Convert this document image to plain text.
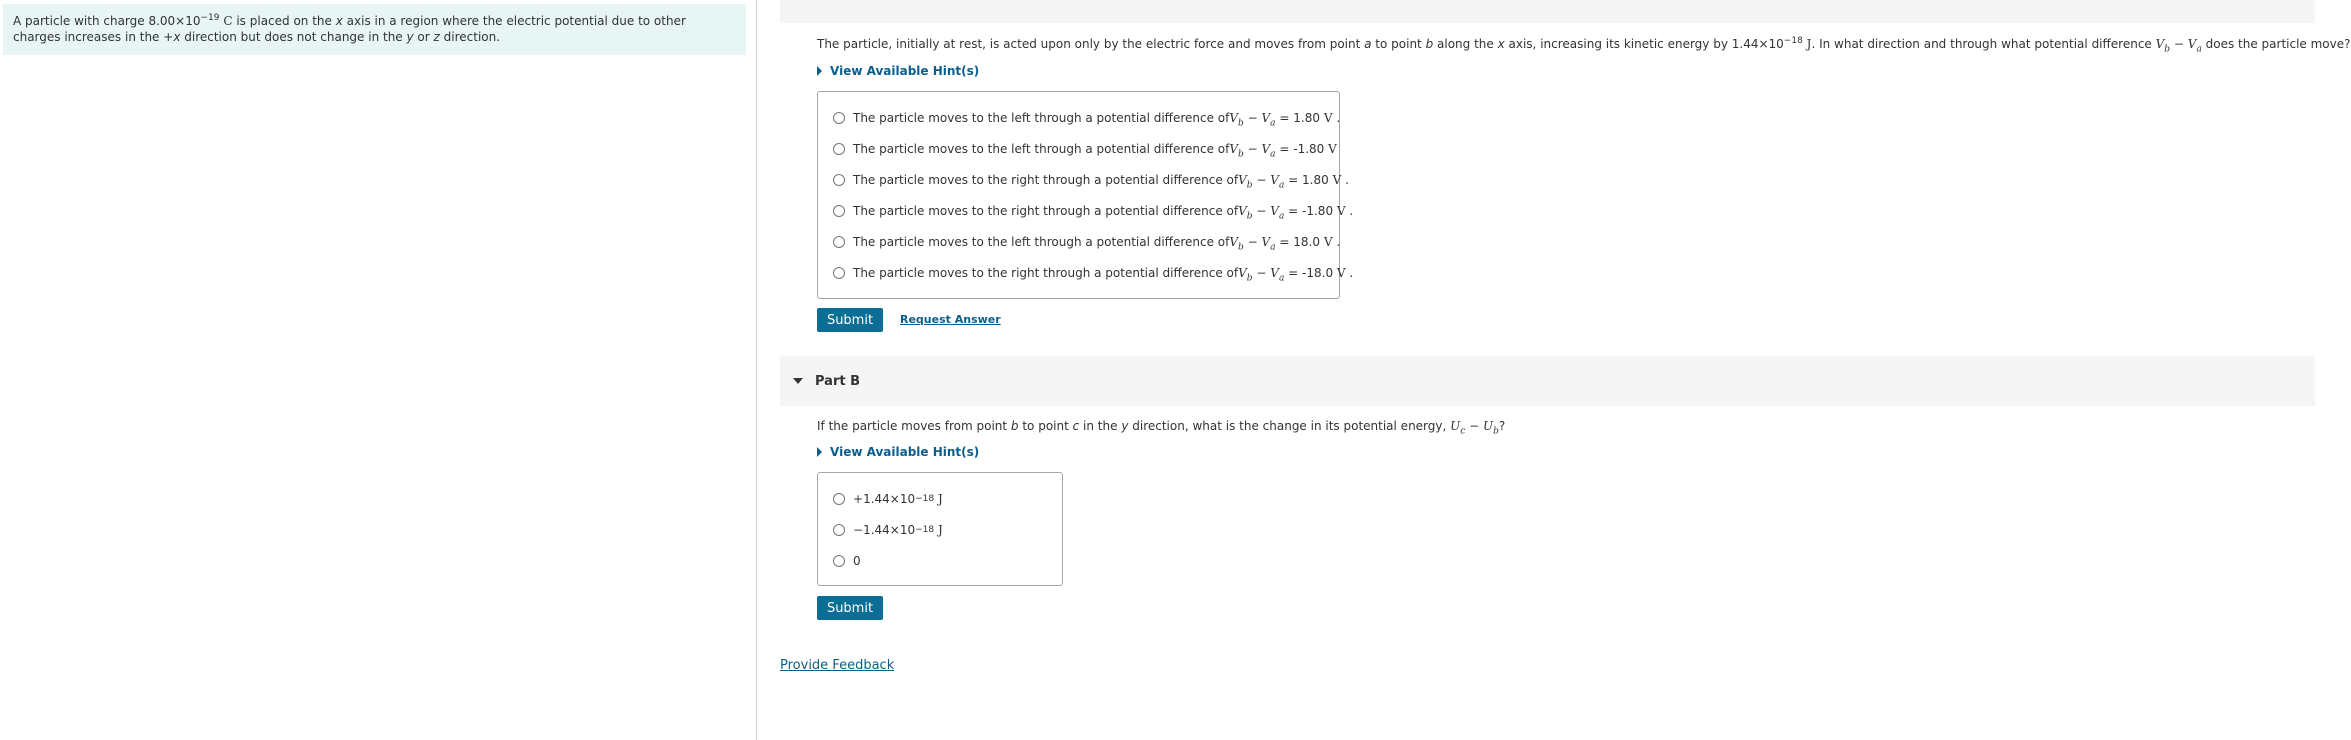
A particle with charge $8.00\times 10^{-19}$ C is placed on the x axis in a region where the electric potential due to other charges increases in the +x direction but does not change in the y or z direction.	The particle, initially at rest, is acted upon only by the electric force and moves from point a to point b along the x axis, increasing its kinetic energy by $1.44\times 10^{-18}$ J. In what direction and through what potential difference $V_b - V_a$ does the particle move?
View Available Hint(s)
The particle moves to the left through a potential difference of $V_b - V_a$ =
1.80
V
.
The particle moves to the left through a potential difference of $V_b - V_a$ =
-1.80
V
The particle moves to the right through a potential difference of $V_b - V_a$ =
1.80
V
.
The particle moves to the right through a potential difference of $V_b - V_a$ =
-1.80
V
.
The particle moves to the left through a potential difference of $V_b - V_a$ =
18.0
V
.
The particle moves to the right through a potential difference of $V_b - V_a$ =
-18.0
V
.
Submit	Request Answer
Part B
If the particle moves from point b to point c in the y direction, what is the change in its potential energy, $U_c - U_b$?
View Available Hint(s)
+ 1.44×10 −18
J
− 1.44×10 −18
J
0
Submit
Provide Feedback
